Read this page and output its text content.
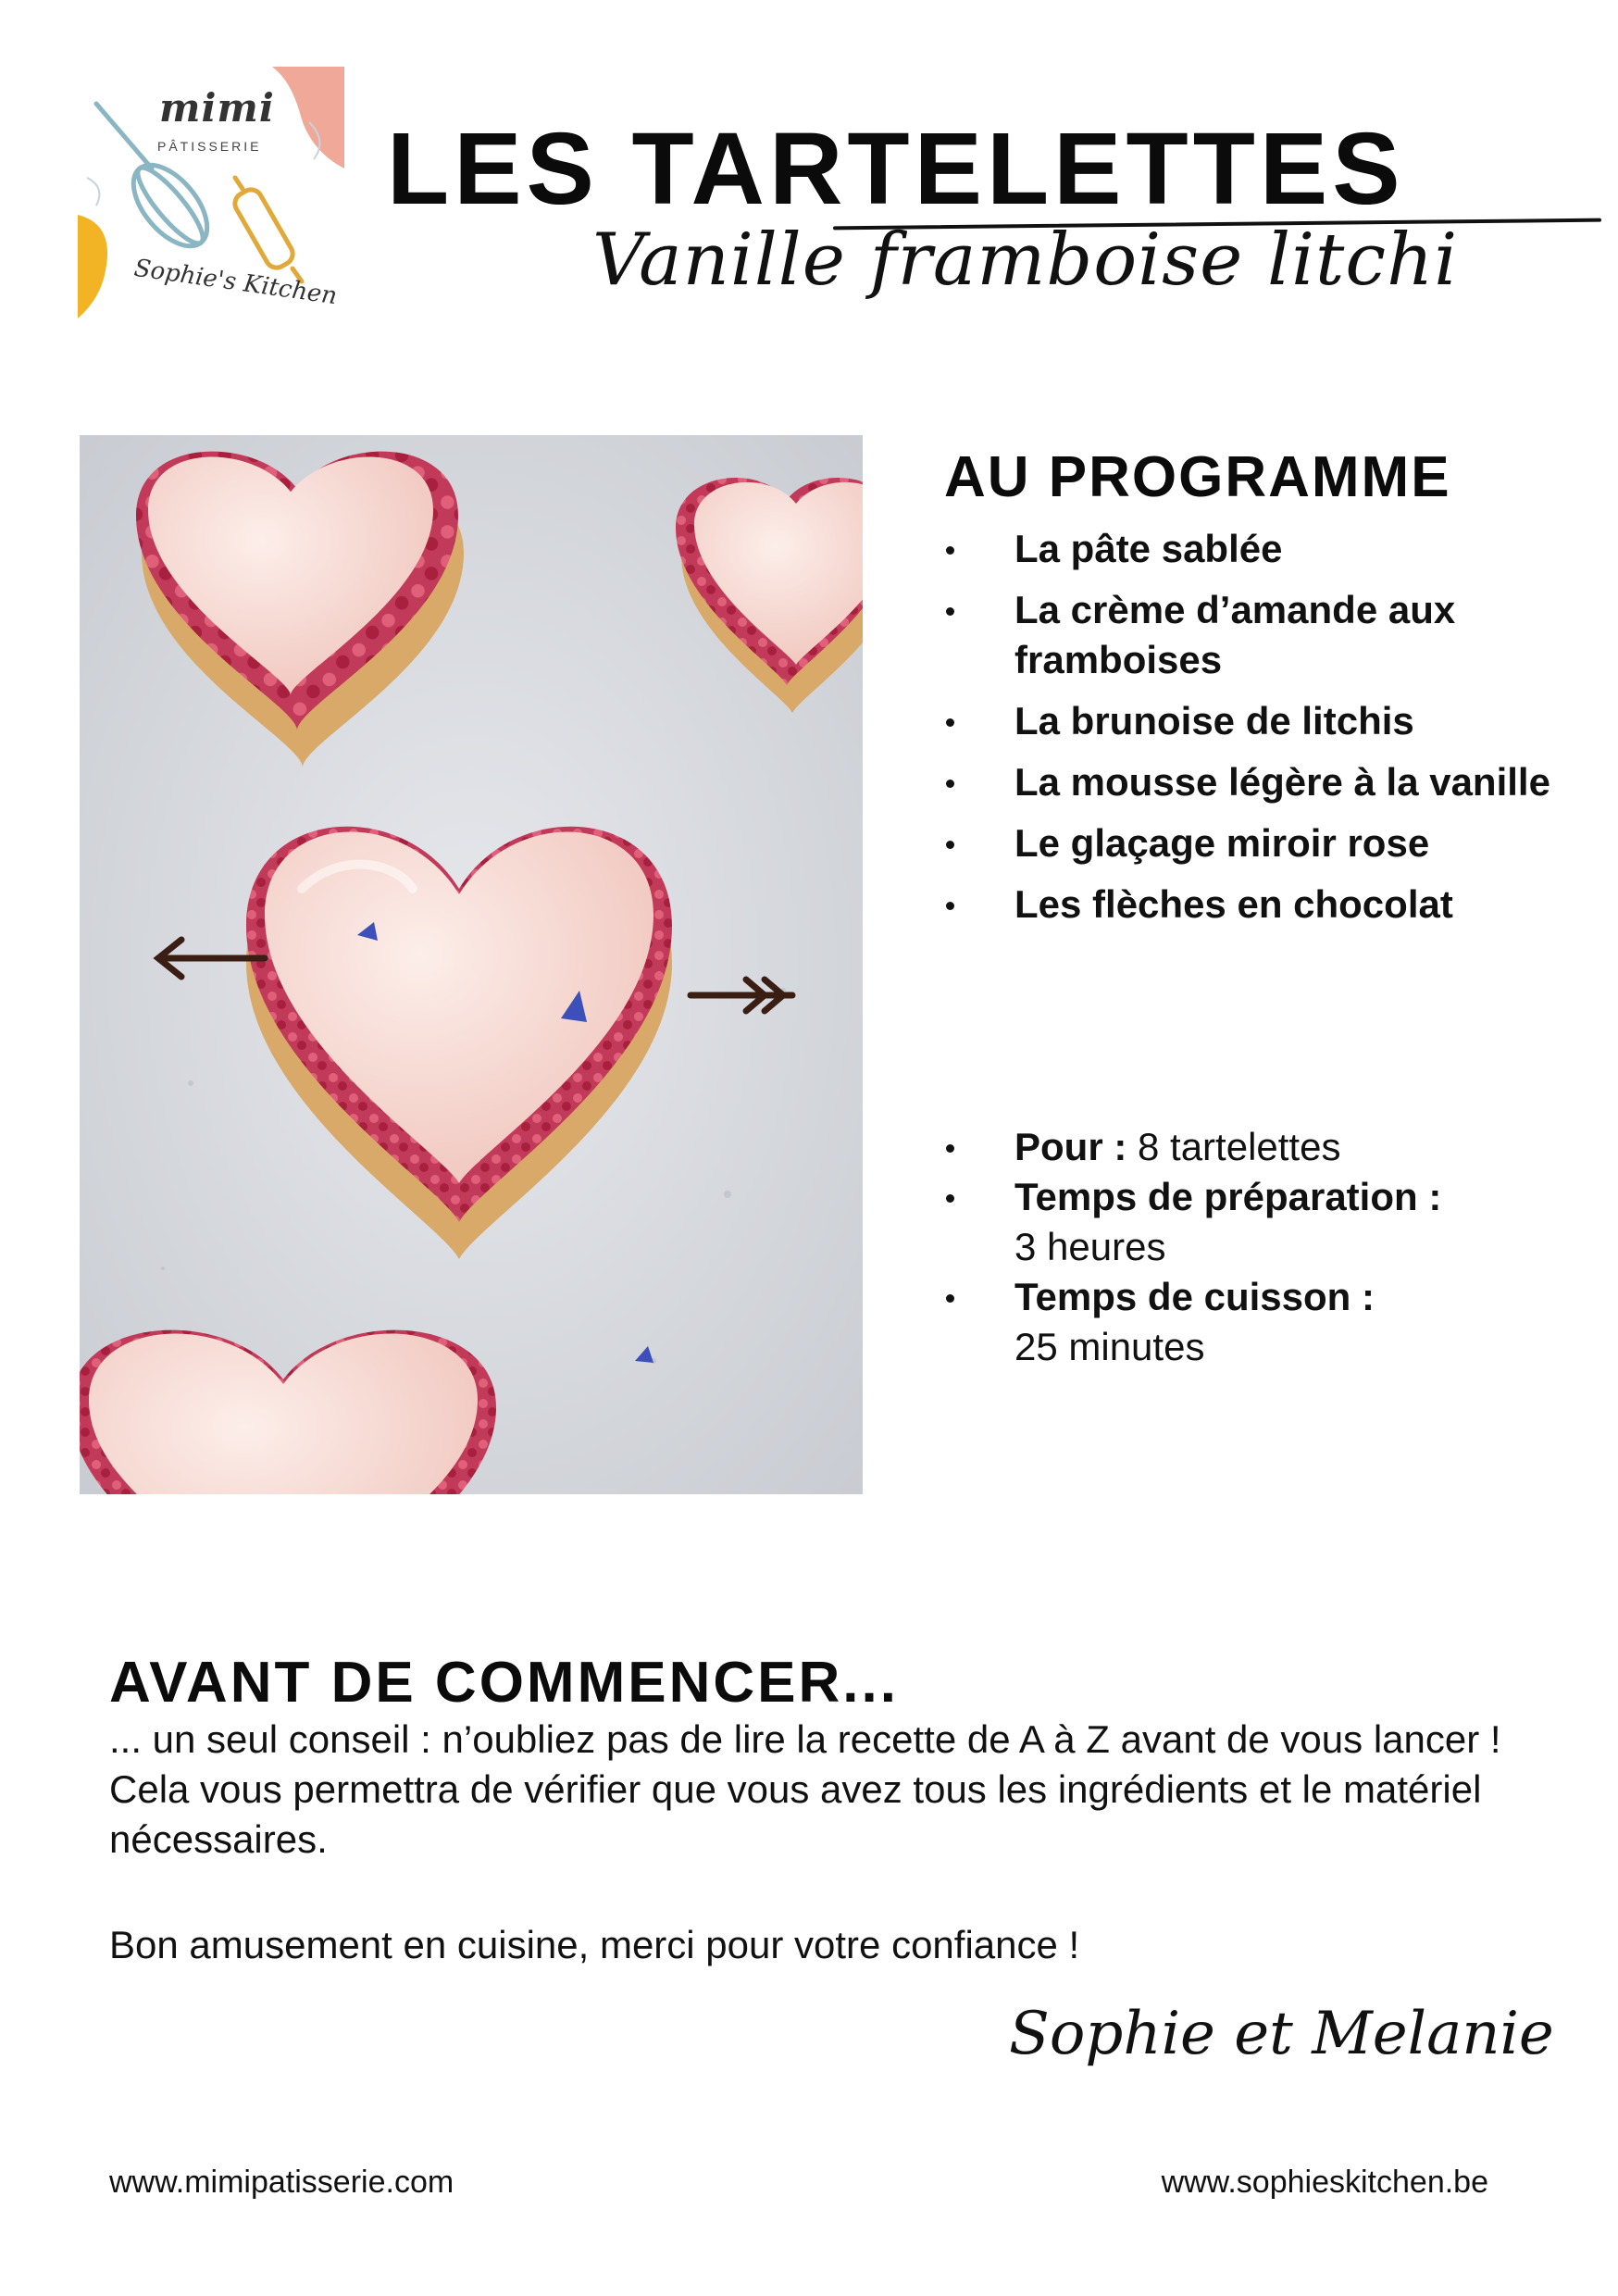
mimi
PÂTISSERIE
Sophie's Kitchen
LES TARTELETTES
Vanille framboise litchi
AU PROGRAMME
La pâte sablée
La crème d’amande aux framboises
La brunoise de litchis
La mousse légère à la vanille
Le glaçage miroir rose
Les flèches en chocolat
Pour : 8 tartelettes
Temps de préparation :
3 heures
Temps de cuisson :
25 minutes
AVANT DE COMMENCER...
... un seul conseil : n’oubliez pas de lire la recette de A à Z avant de vous lancer ! Cela vous permettra de vérifier que vous avez tous les ingrédients et le matériel nécessaires.
Bon amusement en cuisine, merci pour votre confiance !
Sophie et Melanie
www.mimipatisserie.com	www.sophieskitchen.be
